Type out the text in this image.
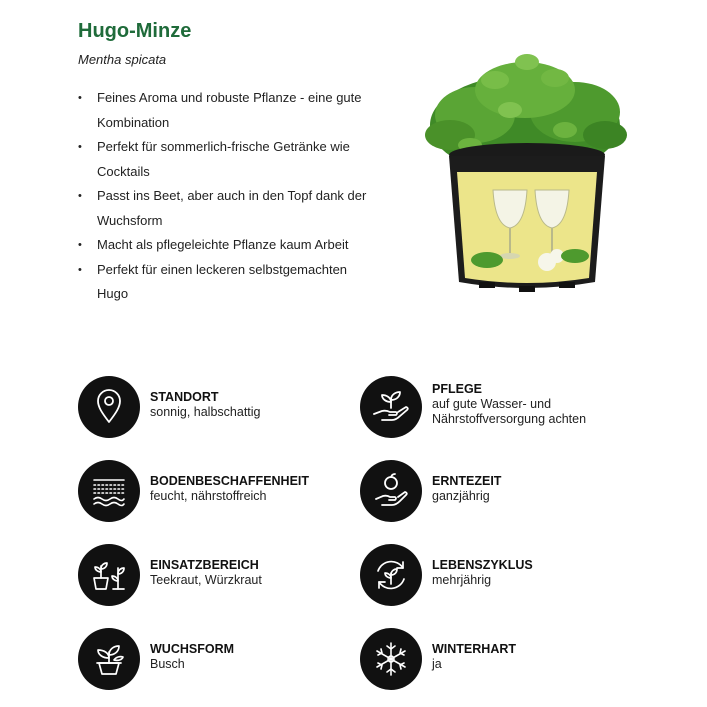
Hugo-Minze

Mentha spicata

• Feines Aroma und robuste Pflanze - eine gute Kombination
• Perfekt für sommerlich-frische Getränke wie Cocktails
• Passt ins Beet, aber auch in den Topf dank der Wuchsform
• Macht als pflegeleichte Pflanze kaum Arbeit
• Perfekt für einen leckeren selbstgemachten Hugo
STANDORT
sonnig, halbschattig
PFLEGE
auf gute Wasser- und
Nährstoffversorgung achten
BODENBESCHAFFENHEIT
feucht, nährstoffreich
ERNTEZEIT
ganzjährig
EINSATZBEREICH
Teekraut, Würzkraut
LEBENSZYKLUS
mehrjährig
WUCHSFORM
Busch
WINTERHART
ja
